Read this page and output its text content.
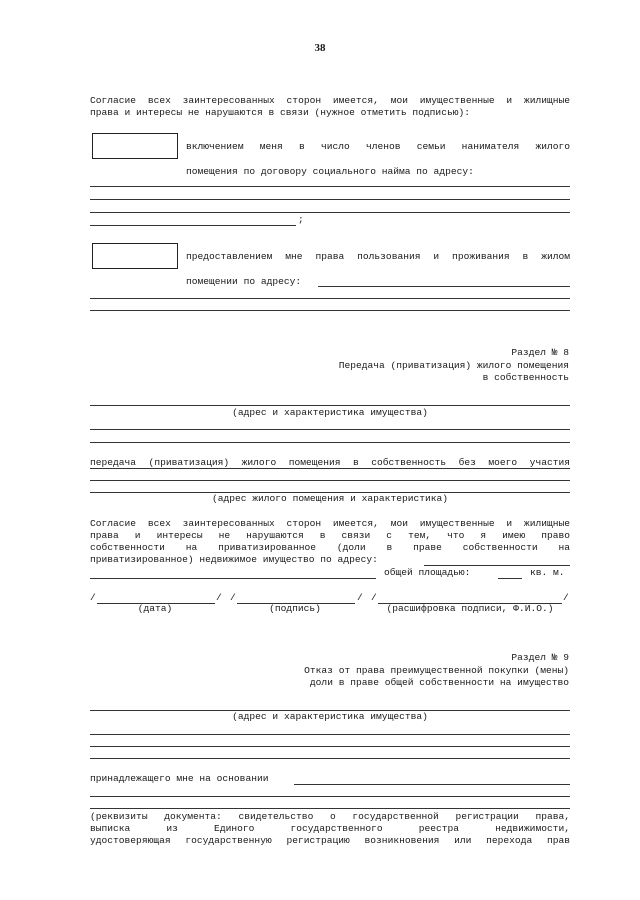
38
Согласие всех заинтересованных сторон имеется, мои имущественные и жилищные
права и интересы не нарушаются в связи (нужное отметить подписью):
включением меня в число членов семьи нанимателя жилого
помещения по договору социального найма по адресу:
;
предоставлением мне права пользования и проживания в жилом
помещении по адресу:
Раздел № 8
Передача (приватизация) жилого помещения
в собственность
(адрес и характеристика имущества)
передача (приватизация) жилого помещения в собственность без моего участия
(адрес жилого помещения и характеристика)
Согласие всех заинтересованных сторон имеется, мои имущественные и жилищные
права и интересы не нарушаются в связи с тем, что я имею право
собственности на приватизированное (доли в праве собственности на
приватизированное) недвижимое имущество по адресу:
общей площадью:	кв. м.
/	/ /	/ /	/
(дата)	(подпись)	(расшифровка подписи, Ф.И.О.)
Раздел № 9
Отказ от права преимущественной покупки (мены)
доли в праве общей собственности на имущество
(адрес и характеристика имущества)
принадлежащего мне на основании
(реквизиты документа: свидетельство о государственной регистрации права,
выписка из Единого государственного реестра недвижимости,
удостоверяющая государственную регистрацию возникновения или перехода прав
